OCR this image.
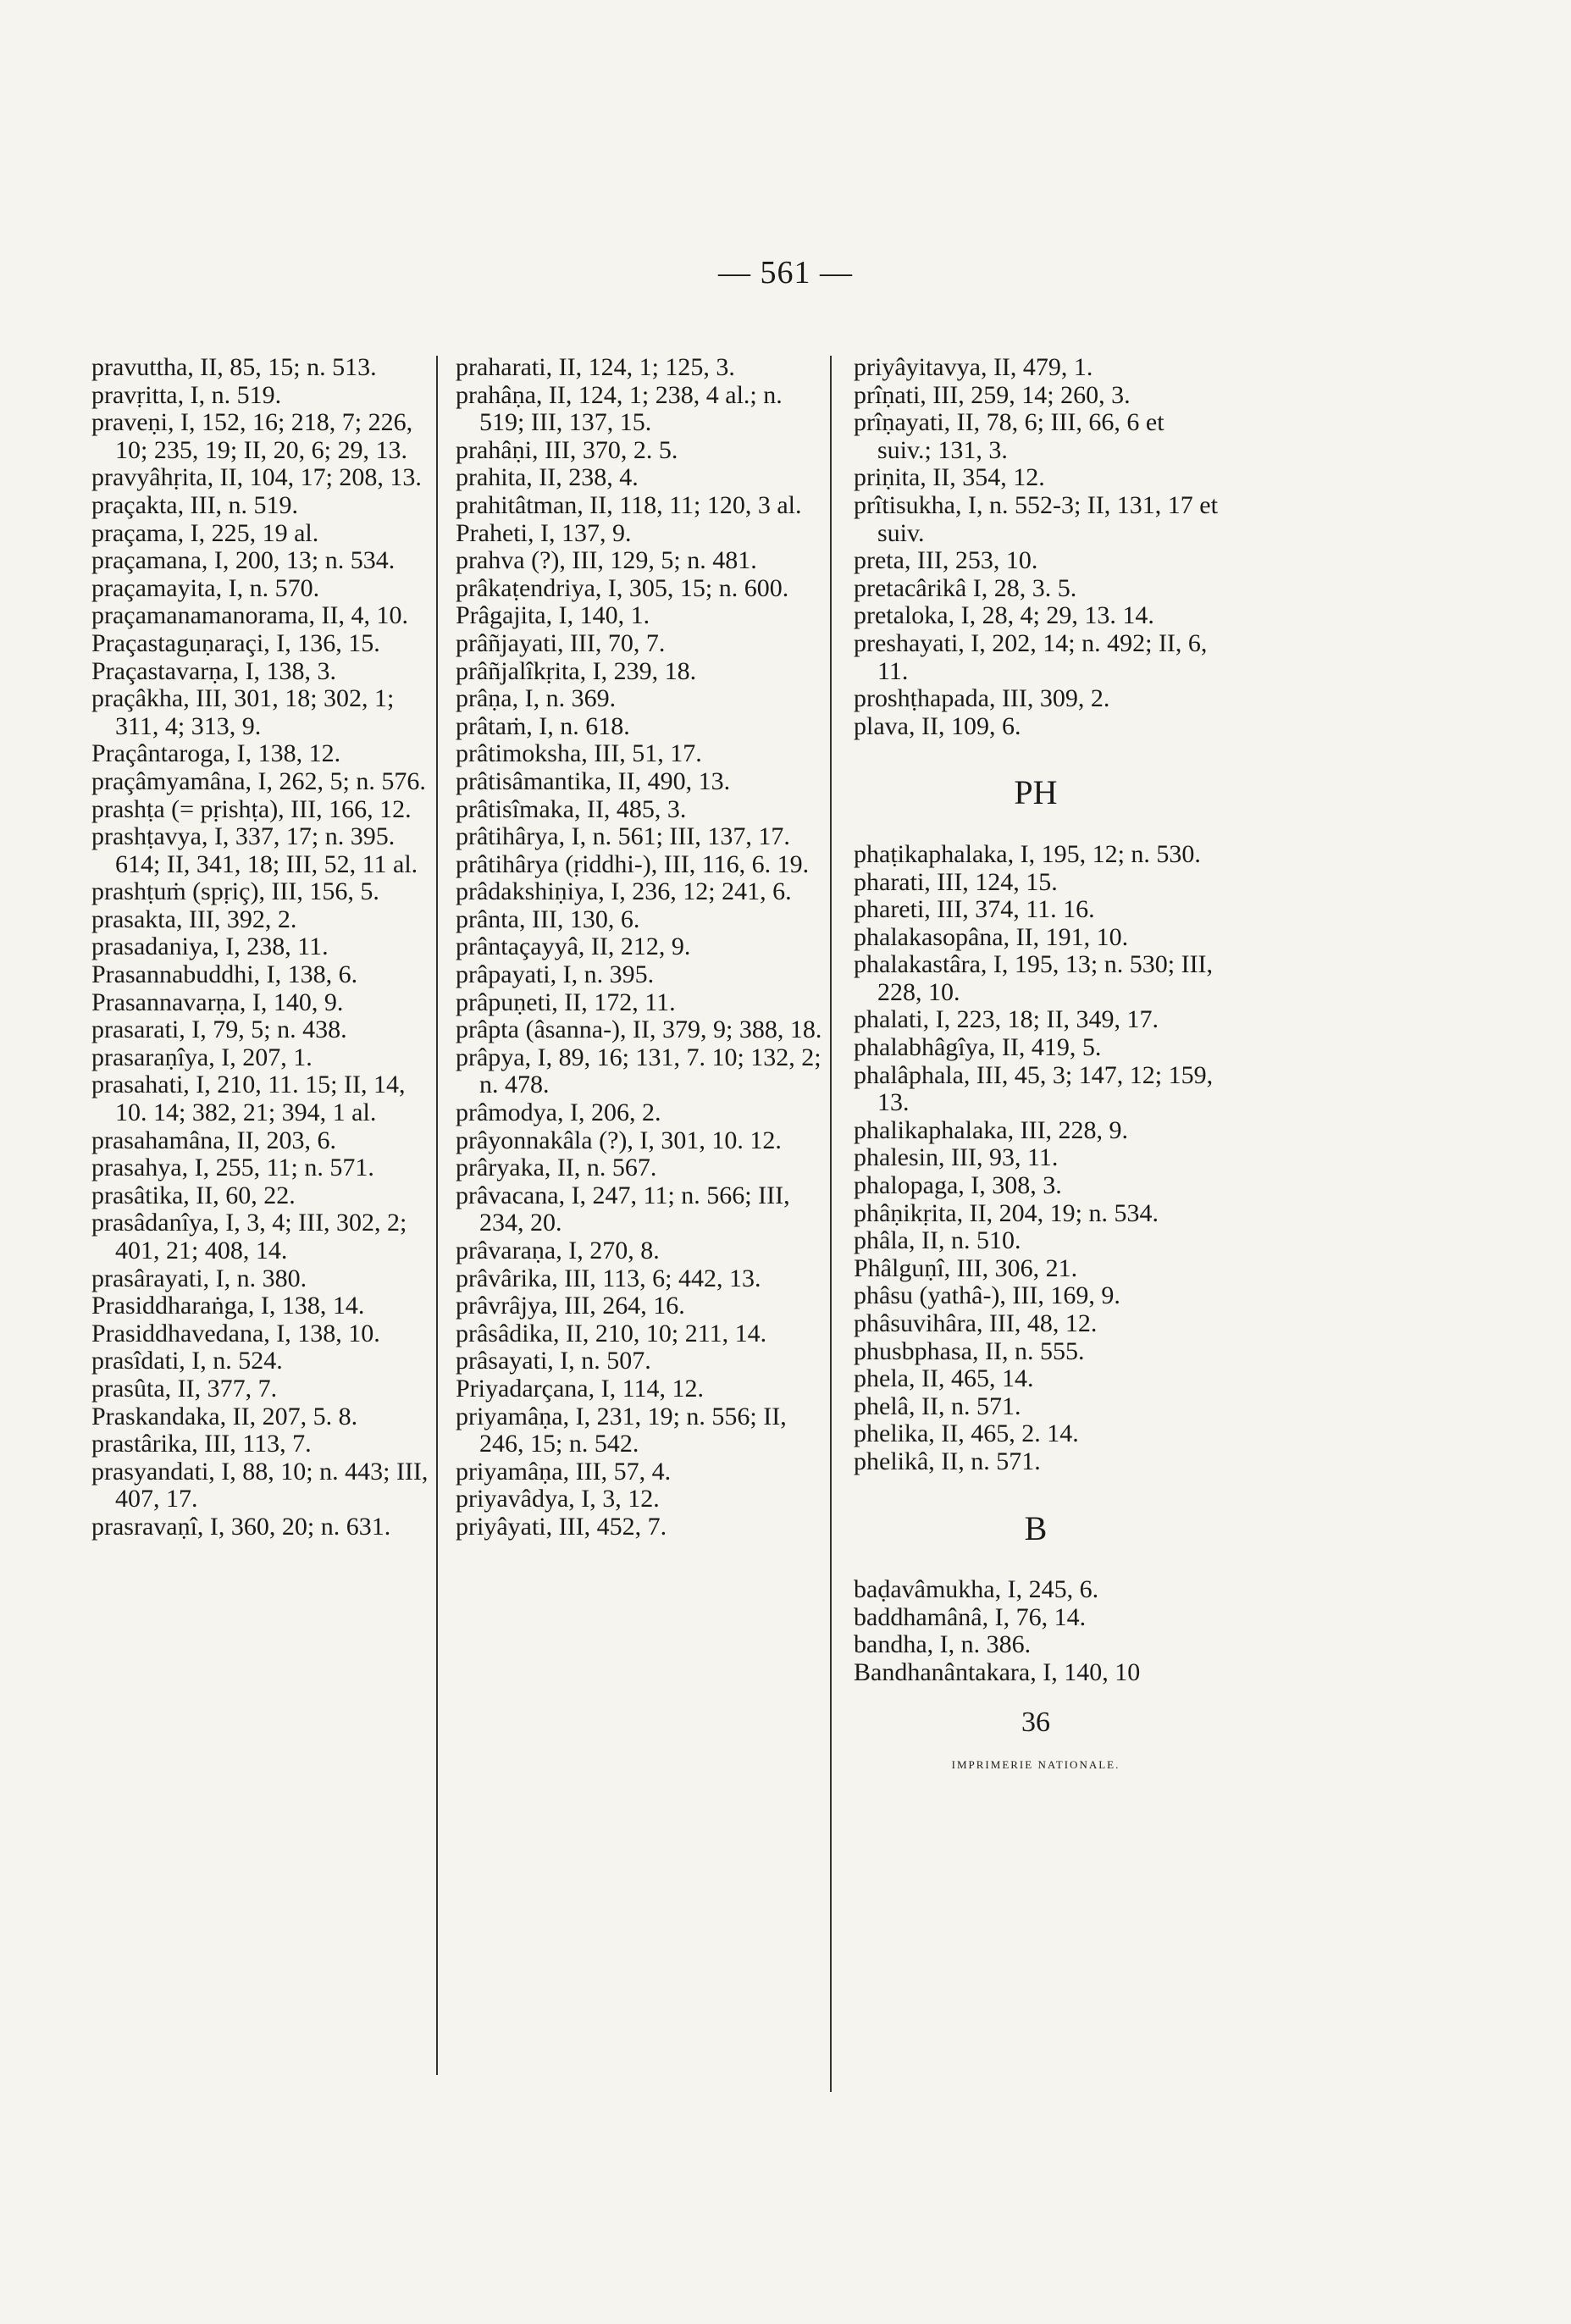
— 561 —

pravuttha, II, 85, 15; n. 513.

pravṛitta, I, n. 519.

praveṇi, I, 152, 16; 218, 7; 226, 10; 235, 19; II, 20, 6; 29, 13.

pravyâhṛita, II, 104, 17; 208, 13.

praçakta, III, n. 519.

praçama, I, 225, 19 al.

praçamana, I, 200, 13; n. 534.

praçamayita, I, n. 570.

praçamanamanorama, II, 4, 10.

Praçastaguṇaraçi, I, 136, 15.

Praçastavarṇa, I, 138, 3.

praçâkha, III, 301, 18; 302, 1; 311, 4; 313, 9.

Praçântaroga, I, 138, 12.

praçâmyamâna, I, 262, 5; n. 576.

prashṭa (= pṛishṭa), III, 166, 12.

prashṭavya, I, 337, 17; n. 395. 614; II, 341, 18; III, 52, 11 al.

prashṭuṁ (spṛiç), III, 156, 5.

prasakta, III, 392, 2.

prasadaniya, I, 238, 11.

Prasannabuddhi, I, 138, 6.

Prasannavarṇa, I, 140, 9.

prasarati, I, 79, 5; n. 438.

prasaraṇîya, I, 207, 1.

prasahati, I, 210, 11. 15; II, 14, 10. 14; 382, 21; 394, 1 al.

prasahamâna, II, 203, 6.

prasahya, I, 255, 11; n. 571.

prasâtika, II, 60, 22.

prasâdanîya, I, 3, 4; III, 302, 2; 401, 21; 408, 14.

prasârayati, I, n. 380.

Prasiddharaṅga, I, 138, 14.

Prasiddhavedana, I, 138, 10.

prasîdati, I, n. 524.

prasûta, II, 377, 7.

Praskandaka, II, 207, 5. 8.

prastârika, III, 113, 7.

prasyandati, I, 88, 10; n. 443; III, 407, 17.

prasravaṇî, I, 360, 20; n. 631.

praharati, II, 124, 1; 125, 3.

prahâṇa, II, 124, 1; 238, 4 al.; n. 519; III, 137, 15.

prahâṇi, III, 370, 2. 5.

prahita, II, 238, 4.

prahitâtman, II, 118, 11; 120, 3 al.

Praheti, I, 137, 9.

prahva (?), III, 129, 5; n. 481.

prâkaṭendriya, I, 305, 15; n. 600.

Prâgajita, I, 140, 1.

prâñjayati, III, 70, 7.

prâñjalîkṛita, I, 239, 18.

prâṇa, I, n. 369.

prâtaṁ, I, n. 618.

prâtimoksha, III, 51, 17.

prâtisâmantika, II, 490, 13.

prâtisîmaka, II, 485, 3.

prâtihârya, I, n. 561; III, 137, 17.

prâtihârya (ṛiddhi-), III, 116, 6. 19.

prâdakshiṇiya, I, 236, 12; 241, 6.

prânta, III, 130, 6.

prântaçayyâ, II, 212, 9.

prâpayati, I, n. 395.

prâpuṇeti, II, 172, 11.

prâpta (âsanna-), II, 379, 9; 388, 18.

prâpya, I, 89, 16; 131, 7. 10; 132, 2; n. 478.

prâmodya, I, 206, 2.

prâyonnakâla (?), I, 301, 10. 12.

prâryaka, II, n. 567.

prâvacana, I, 247, 11; n. 566; III, 234, 20.

prâvaraṇa, I, 270, 8.

prâvârika, III, 113, 6; 442, 13.

prâvrâjya, III, 264, 16.

prâsâdika, II, 210, 10; 211, 14.

prâsayati, I, n. 507.

Priyadarçana, I, 114, 12.

priyamâṇa, I, 231, 19; n. 556; II, 246, 15; n. 542.

priyamâṇa, III, 57, 4.

priyavâdya, I, 3, 12.

priyâyati, III, 452, 7.

priyâyitavya, II, 479, 1.

prîṇati, III, 259, 14; 260, 3.

prîṇayati, II, 78, 6; III, 66, 6 et suiv.; 131, 3.

priṇita, II, 354, 12.

prîtisukha, I, n. 552-3; II, 131, 17 et suiv.

preta, III, 253, 10.

pretacârikâ I, 28, 3. 5.

pretaloka, I, 28, 4; 29, 13. 14.

preshayati, I, 202, 14; n. 492; II, 6, 11.

proshṭhapada, III, 309, 2.

plava, II, 109, 6.

PH

phaṭikaphalaka, I, 195, 12; n. 530.

pharati, III, 124, 15.

phareti, III, 374, 11. 16.

phalakasopâna, II, 191, 10.

phalakastâra, I, 195, 13; n. 530; III, 228, 10.

phalati, I, 223, 18; II, 349, 17.

phalabhâgîya, II, 419, 5.

phalâphala, III, 45, 3; 147, 12; 159, 13.

phalikaphalaka, III, 228, 9.

phalesin, III, 93, 11.

phalopaga, I, 308, 3.

phâṇikṛita, II, 204, 19; n. 534.

phâla, II, n. 510.

Phâlguṇî, III, 306, 21.

phâsu (yathâ-), III, 169, 9.

phâsuvihâra, III, 48, 12.

phusbphasa, II, n. 555.

phela, II, 465, 14.

phelâ, II, n. 571.

phelika, II, 465, 2. 14.

phelikâ, II, n. 571.

B

baḍavâmukha, I, 245, 6.

baddhamânâ, I, 76, 14.

bandha, I, n. 386.

Bandhanântakara, I, 140, 10

36
IMPRIMERIE NATIONALE.
